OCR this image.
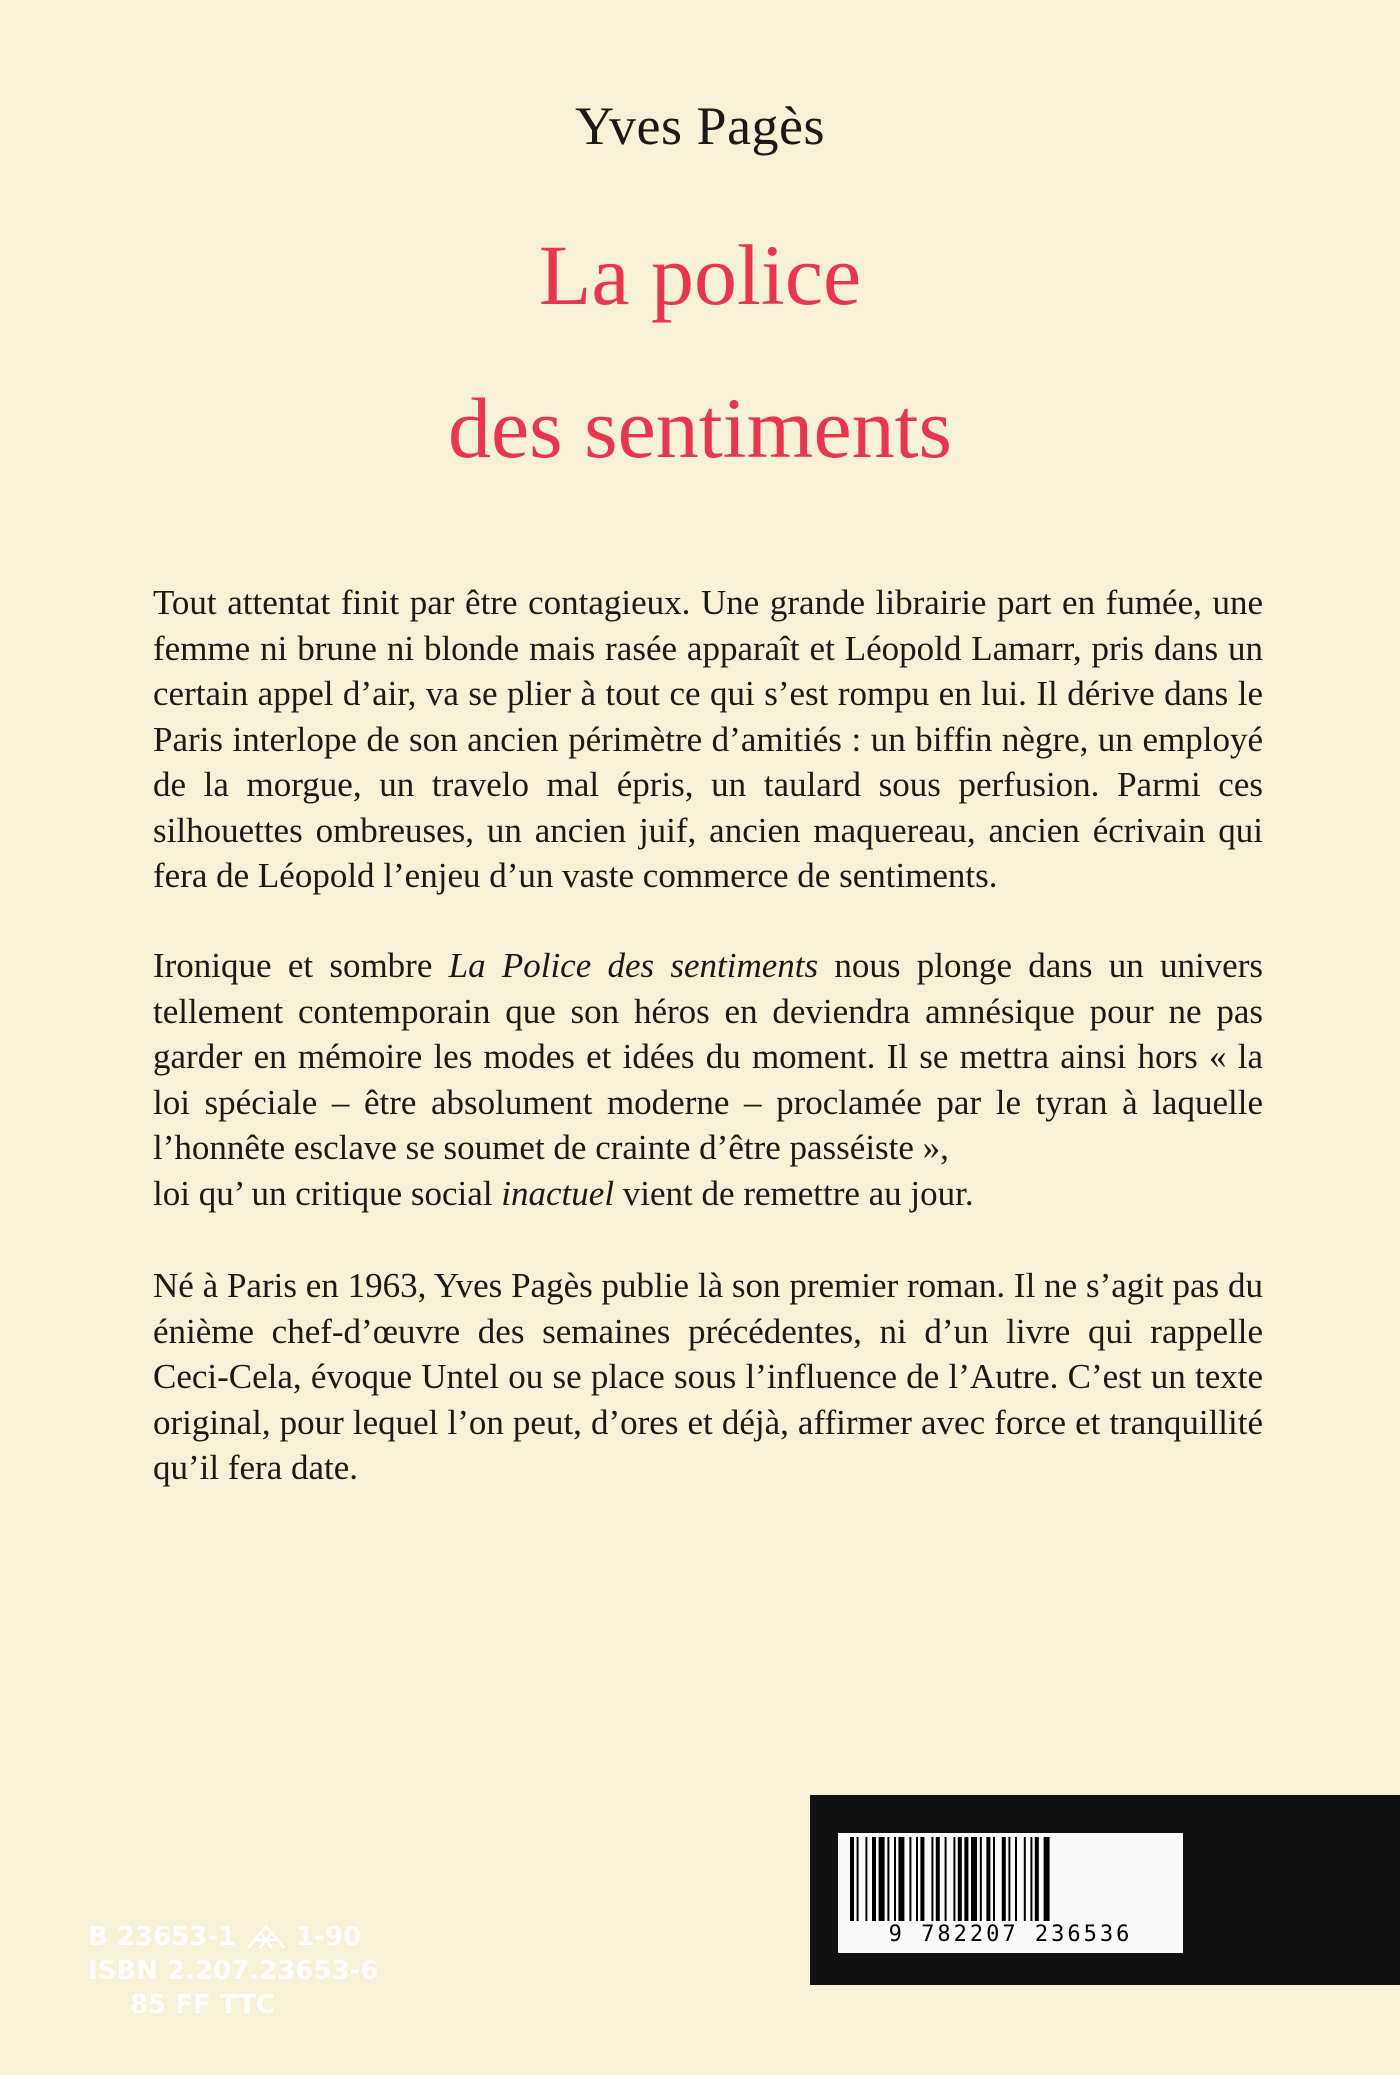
Yves Pagès
La police
des sentiments

Tout attentat finit par être contagieux. Une grande librairie part en fumée, une femme ni brune ni blonde mais rasée apparaît et Léopold Lamarr, pris dans un certain appel d’air, va se plier à tout ce qui s’est rompu en lui. Il dérive dans le Paris interlope de son ancien périmètre d’amitiés : un biffin nègre, un employé de la morgue, un travelo mal épris, un taulard sous perfusion. Parmi ces silhouettes ombreuses, un ancien juif, ancien maquereau, ancien écrivain qui fera de Léopold l’enjeu d’un vaste commerce de sentiments.

Ironique et sombre La Police des sentiments nous plonge dans un univers tellement contemporain que son héros en deviendra amnésique pour ne pas garder en mémoire les modes et idées du moment. Il se mettra ainsi hors « la loi spéciale – être absolument moderne – proclamée par le tyran à laquelle l’honnête esclave se soumet de crainte d’être passéiste »,

loi qu’ un critique social inactuel vient de remettre au jour.

Né à Paris en 1963, Yves Pagès publie là son premier roman. Il ne s’agit pas du énième chef-d’œuvre des semaines précédentes, ni d’un livre qui rappelle Ceci-Cela, évoque Untel ou se place sous l’influence de l’Autre. C’est un texte original, pour lequel l’on peut, d’ores et déjà, affirmer avec force et tranquillité qu’il fera date.

9 782207 236536
B 23653-1 1-90
ISBN 2.207.23653-6
85 FF TTC
